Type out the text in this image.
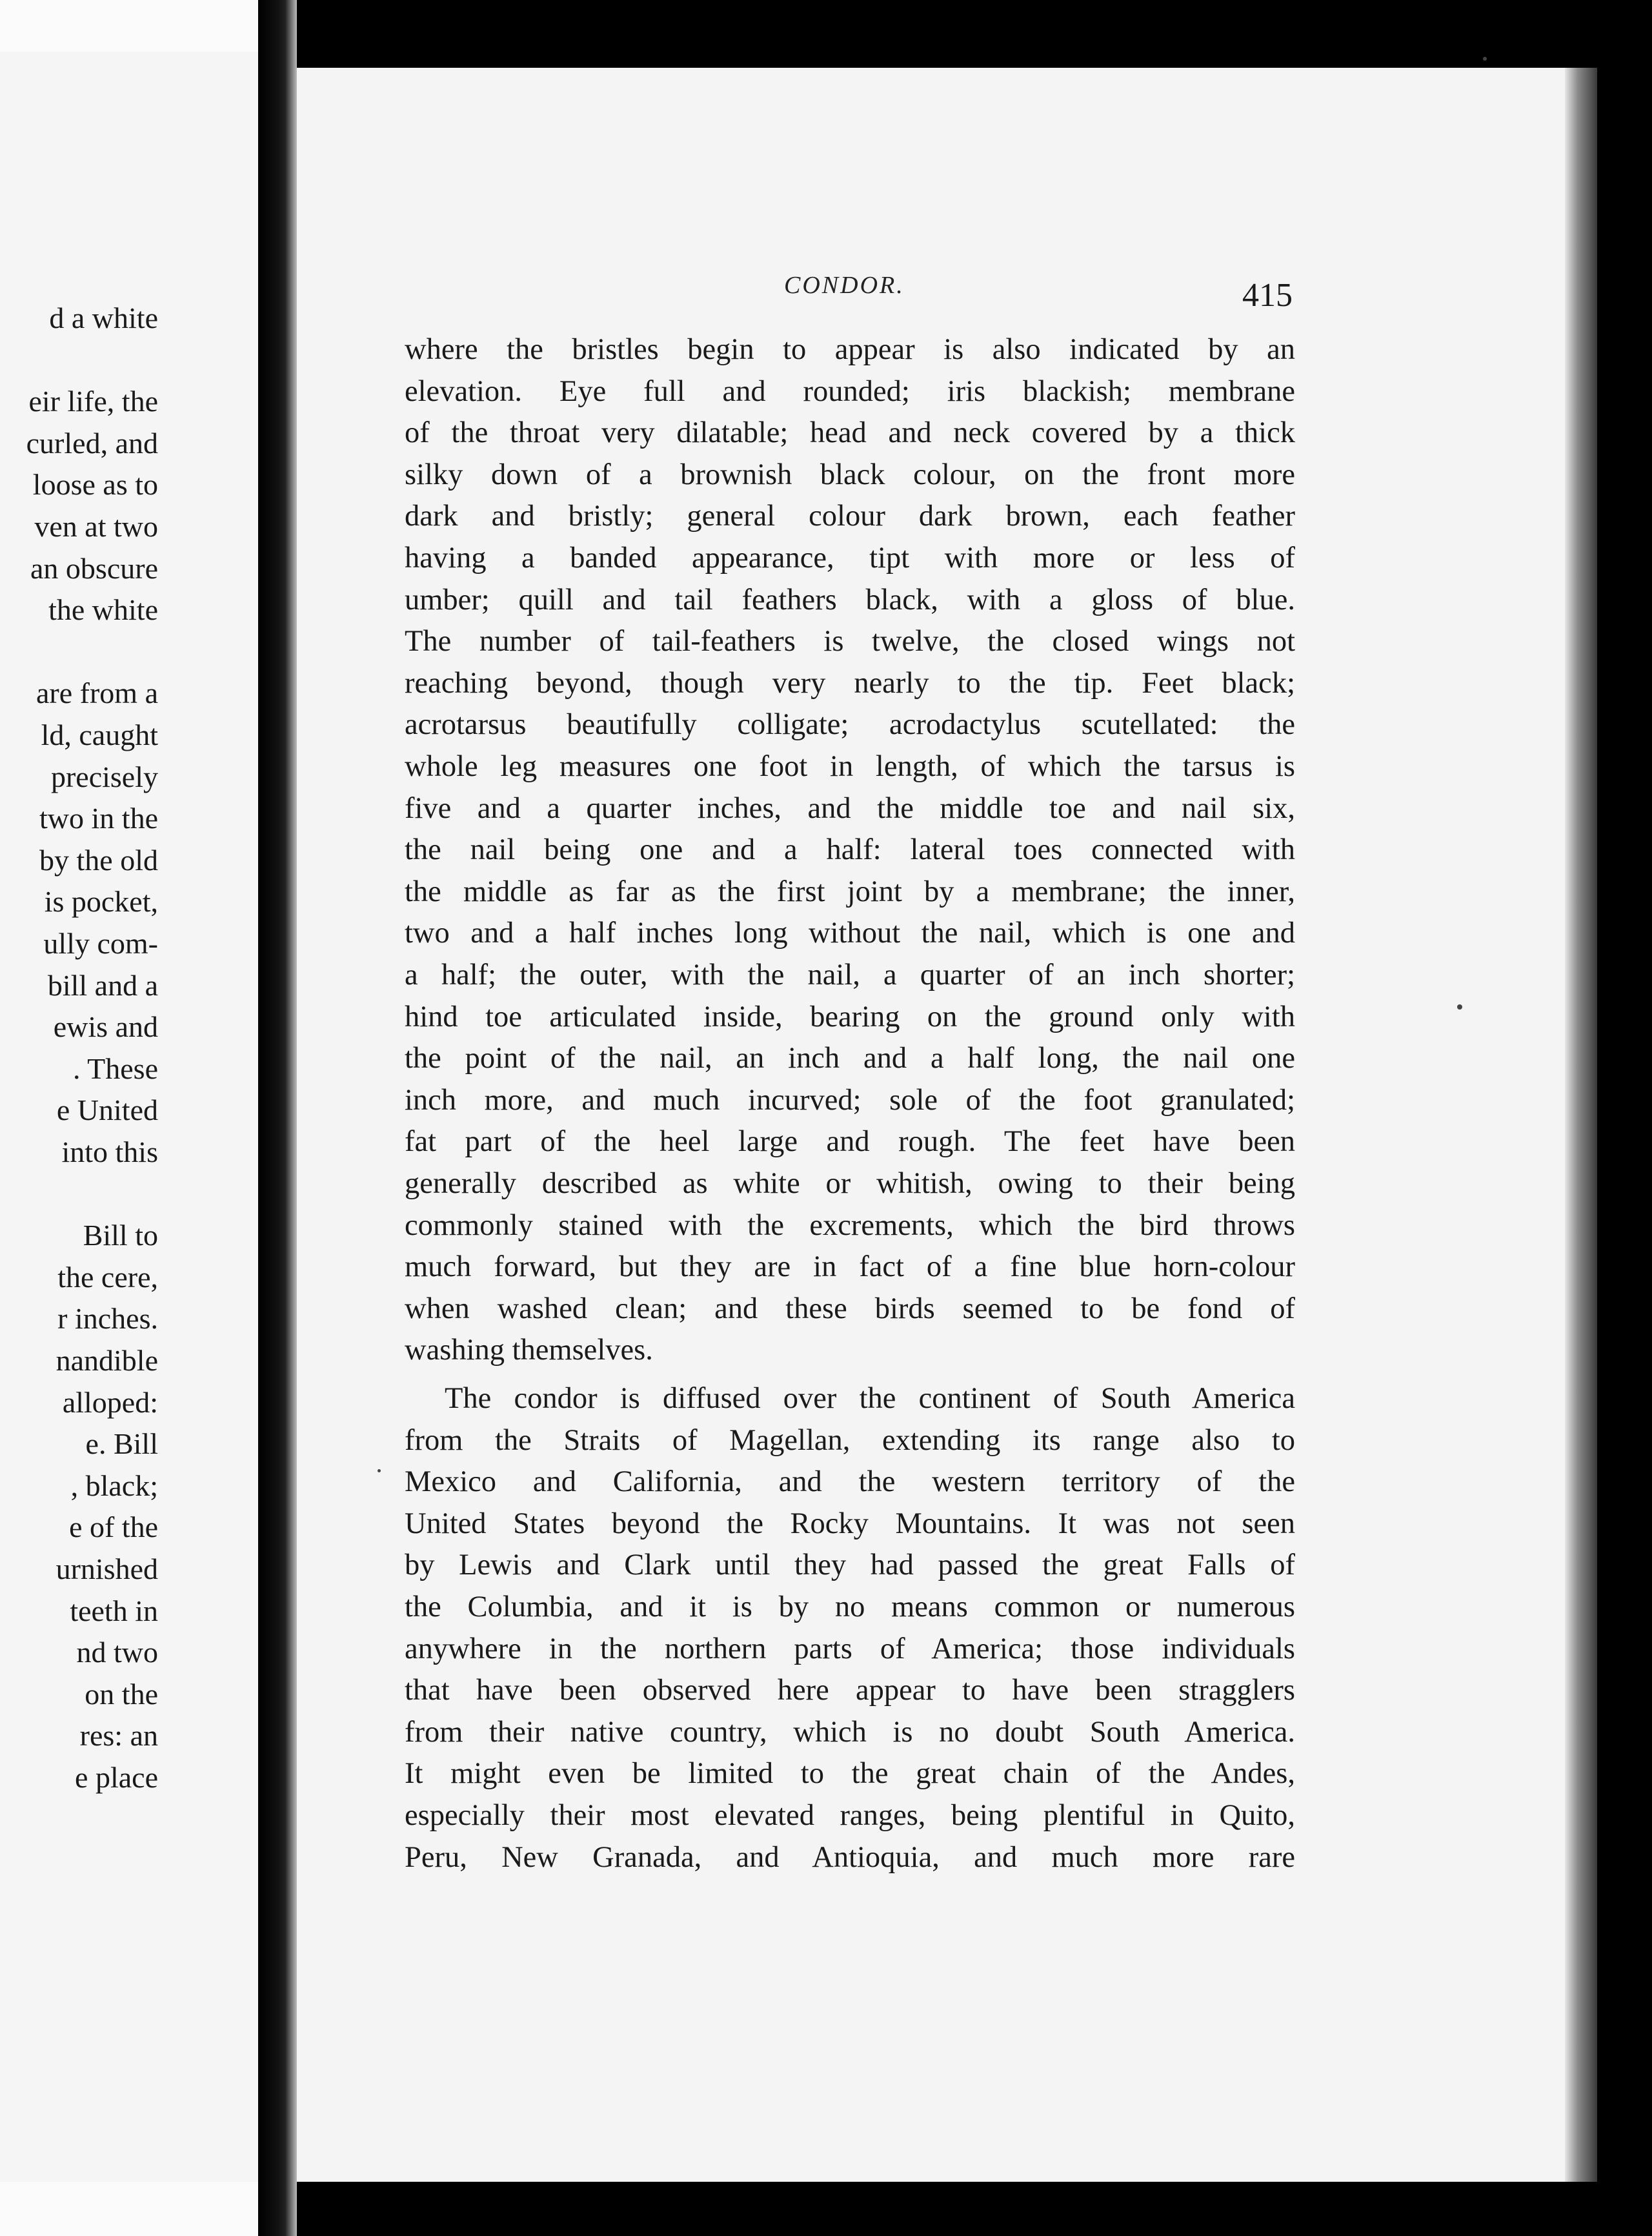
d a white
eir life, the
curled, and
loose as to
ven at two
an obscure
the white
are from a
ld, caught
precisely
two in the
by the old
is pocket,
ully com-
bill and a
ewis and
. These
e United
into this
Bill to
the cere,
r inches.
nandible
alloped:
e. Bill
, black;
e of the
urnished
teeth in
nd two
on the
res: an
e place
CONDOR.	415
where the bristles begin to appear is also indicated by an
elevation. Eye full and rounded; iris blackish; membrane
of the throat very dilatable; head and neck covered by a thick
silky down of a brownish black colour, on the front more
dark and bristly; general colour dark brown, each feather
having a banded appearance, tipt with more or less of
umber; quill and tail feathers black, with a gloss of blue.
The number of tail-feathers is twelve, the closed wings not
reaching beyond, though very nearly to the tip. Feet black;
acrotarsus beautifully colligate; acrodactylus scutellated: the
whole leg measures one foot in length, of which the tarsus is
five and a quarter inches, and the middle toe and nail six,
the nail being one and a half: lateral toes connected with
the middle as far as the first joint by a membrane; the inner,
two and a half inches long without the nail, which is one and
a half; the outer, with the nail, a quarter of an inch shorter;
hind toe articulated inside, bearing on the ground only with
the point of the nail, an inch and a half long, the nail one
inch more, and much incurved; sole of the foot granulated;
fat part of the heel large and rough. The feet have been
generally described as white or whitish, owing to their being
commonly stained with the excrements, which the bird throws
much forward, but they are in fact of a fine blue horn-colour
when washed clean; and these birds seemed to be fond of
washing themselves.
The condor is diffused over the continent of South America
from the Straits of Magellan, extending its range also to
Mexico and California, and the western territory of the
United States beyond the Rocky Mountains. It was not seen
by Lewis and Clark until they had passed the great Falls of
the Columbia, and it is by no means common or numerous
anywhere in the northern parts of America; those individuals
that have been observed here appear to have been stragglers
from their native country, which is no doubt South America.
It might even be limited to the great chain of the Andes,
especially their most elevated ranges, being plentiful in Quito,
Peru, New Granada, and Antioquia, and much more rare
